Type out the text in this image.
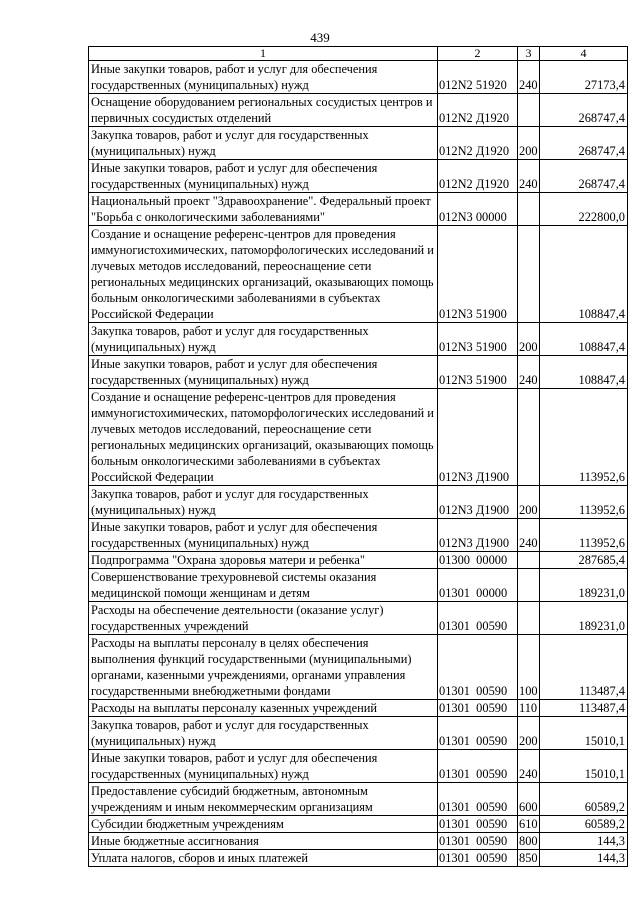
439
1	2	3	4
Иные закупки товаров, работ и услуг для обеспечения государственных (муниципальных) нужд	012N2 51920	240	27173,4
Оснащение оборудованием региональных сосудистых центров и первичных сосудистых отделений	012N2 Д1920		268747,4
Закупка товаров, работ и услуг для государственных (муниципальных) нужд	012N2 Д1920	200	268747,4
Иные закупки товаров, работ и услуг для обеспечения государственных (муниципальных) нужд	012N2 Д1920	240	268747,4
Национальный проект "Здравоохранение". Федеральный проект "Борьба с онкологическими заболеваниями"	012N3 00000		222800,0
Создание и оснащение референс-центров для проведения иммуногистохимических, патоморфологических исследований и лучевых методов исследований, переоснащение сети региональных медицинских организаций, оказывающих помощь больным онкологическими заболеваниями в субъектах Российской Федерации	012N3 51900		108847,4
Закупка товаров, работ и услуг для государственных (муниципальных) нужд	012N3 51900	200	108847,4
Иные закупки товаров, работ и услуг для обеспечения государственных (муниципальных) нужд	012N3 51900	240	108847,4
Создание и оснащение референс-центров для проведения иммуногистохимических, патоморфологических исследований и лучевых методов исследований, переоснащение сети региональных медицинских организаций, оказывающих помощь больным онкологическими заболеваниями в субъектах Российской Федерации	012N3 Д1900		113952,6
Закупка товаров, работ и услуг для государственных (муниципальных) нужд	012N3 Д1900	200	113952,6
Иные закупки товаров, работ и услуг для обеспечения государственных (муниципальных) нужд	012N3 Д1900	240	113952,6
Подпрограмма "Охрана здоровья матери и ребенка"	01300  00000		287685,4
Совершенствование трехуровневой системы оказания медицинской помощи женщинам и детям	01301  00000		189231,0
Расходы на обеспечение деятельности (оказание услуг) государственных учреждений	01301  00590		189231,0
Расходы на выплаты персоналу в целях обеспечения выполнения функций государственными (муниципальными) органами, казенными учреждениями, органами управления государственными внебюджетными фондами	01301  00590	100	113487,4
Расходы на выплаты персоналу казенных учреждений	01301  00590	110	113487,4
Закупка товаров, работ и услуг для государственных (муниципальных) нужд	01301  00590	200	15010,1
Иные закупки товаров, работ и услуг для обеспечения государственных (муниципальных) нужд	01301  00590	240	15010,1
Предоставление субсидий бюджетным, автономным учреждениям и иным некоммерческим организациям	01301  00590	600	60589,2
Субсидии бюджетным учреждениям	01301  00590	610	60589,2
Иные бюджетные ассигнования	01301  00590	800	144,3
Уплата налогов, сборов и иных платежей	01301  00590	850	144,3
